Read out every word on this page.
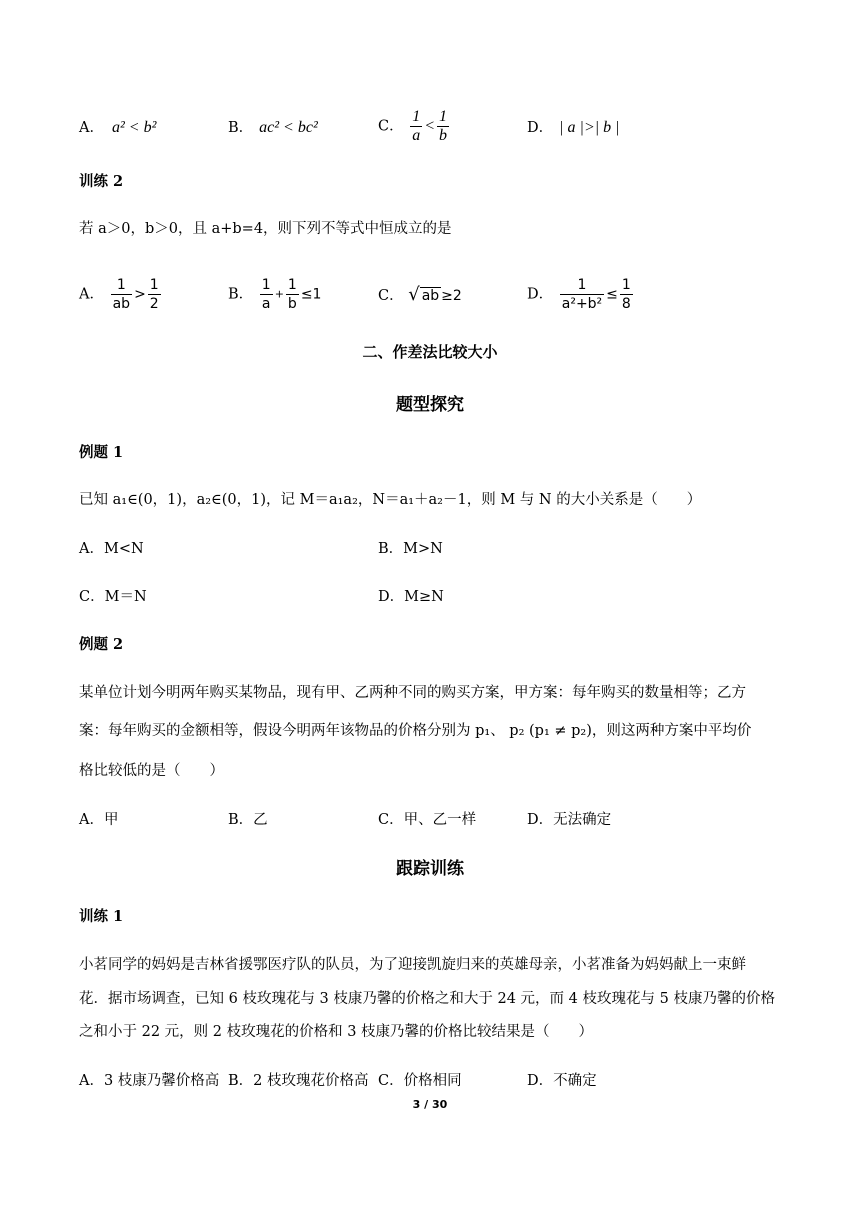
A． a² < b²	B． ac² < bc²	C． $\frac{1}{a} < \frac{1}{b}$	D． | a |>| b |
训练 2
若 a＞0，b＞0，且 a+b=4，则下列不等式中恒成立的是
A． $\frac{1}{ab} > \frac{1}{2}$	B． $\frac{1}{a} + \frac{1}{b} \le 1$	C． √ ab ≥2	D． $\frac{1}{\text{a²+b²}} \le \frac{1}{8}$
二、作差法比较大小
题型探究
例题 1
已知 a₁∈(0，1)，a₂∈(0，1)，记 M＝a₁a₂，N＝a₁＋a₂－1，则 M 与 N 的大小关系是（　　）
A．M<N	B．M>N
C．M＝N	D．M≥N
例题 2
某单位计划今明两年购买某物品，现有甲、乙两种不同的购买方案，甲方案：每年购买的数量相等；乙方
案：每年购买的金额相等，假设今明两年该物品的价格分别为 p₁、 p₂ (p₁ ≠ p₂)，则这两种方案中平均价
格比较低的是（　　）
A．甲	B．乙	C．甲、乙一样	D．无法确定
跟踪训练
训练 1
小茗同学的妈妈是吉林省援鄂医疗队的队员，为了迎接凯旋归来的英雄母亲，小茗准备为妈妈献上一束鲜
花．据市场调查，已知 6 枝玫瑰花与 3 枝康乃馨的价格之和大于 24 元，而 4 枝玫瑰花与 5 枝康乃馨的价格
之和小于 22 元，则 2 枝玫瑰花的价格和 3 枝康乃馨的价格比较结果是（　　）
A．3 枝康乃馨价格高 B．2 枝玫瑰花价格高 C．价格相同	D．不确定
3 / 30
